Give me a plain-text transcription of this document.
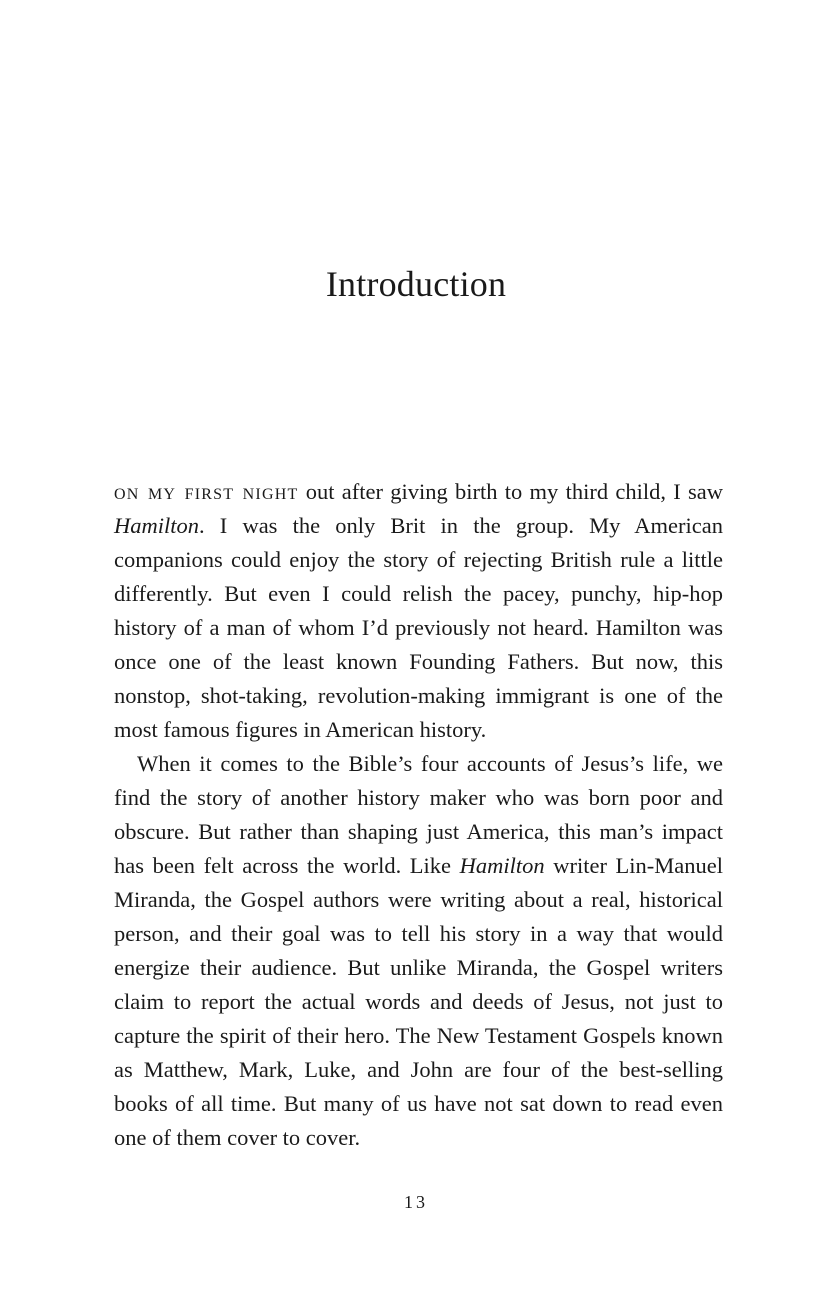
Introduction

on my first night out after giving birth to my third child, I saw Hamilton. I was the only Brit in the group. My American companions could enjoy the story of rejecting British rule a little differently. But even I could relish the pacey, punchy, hip-hop history of a man of whom I’d previously not heard. Hamilton was once one of the least known Founding Fathers. But now, this nonstop, shot-taking, revolution-making immigrant is one of the most famous figures in American history.

When it comes to the Bible’s four accounts of Jesus’s life, we find the story of another history maker who was born poor and obscure. But rather than shaping just America, this man’s impact has been felt across the world. Like Hamilton writer Lin-Manuel Miranda, the Gospel authors were writing about a real, historical person, and their goal was to tell his story in a way that would energize their audience. But unlike Miranda, the Gospel writers claim to report the actual words and deeds of Jesus, not just to capture the spirit of their hero. The New Testament Gospels known as Matthew, Mark, Luke, and John are four of the best-selling books of all time. But many of us have not sat down to read even one of them cover to cover.

13
